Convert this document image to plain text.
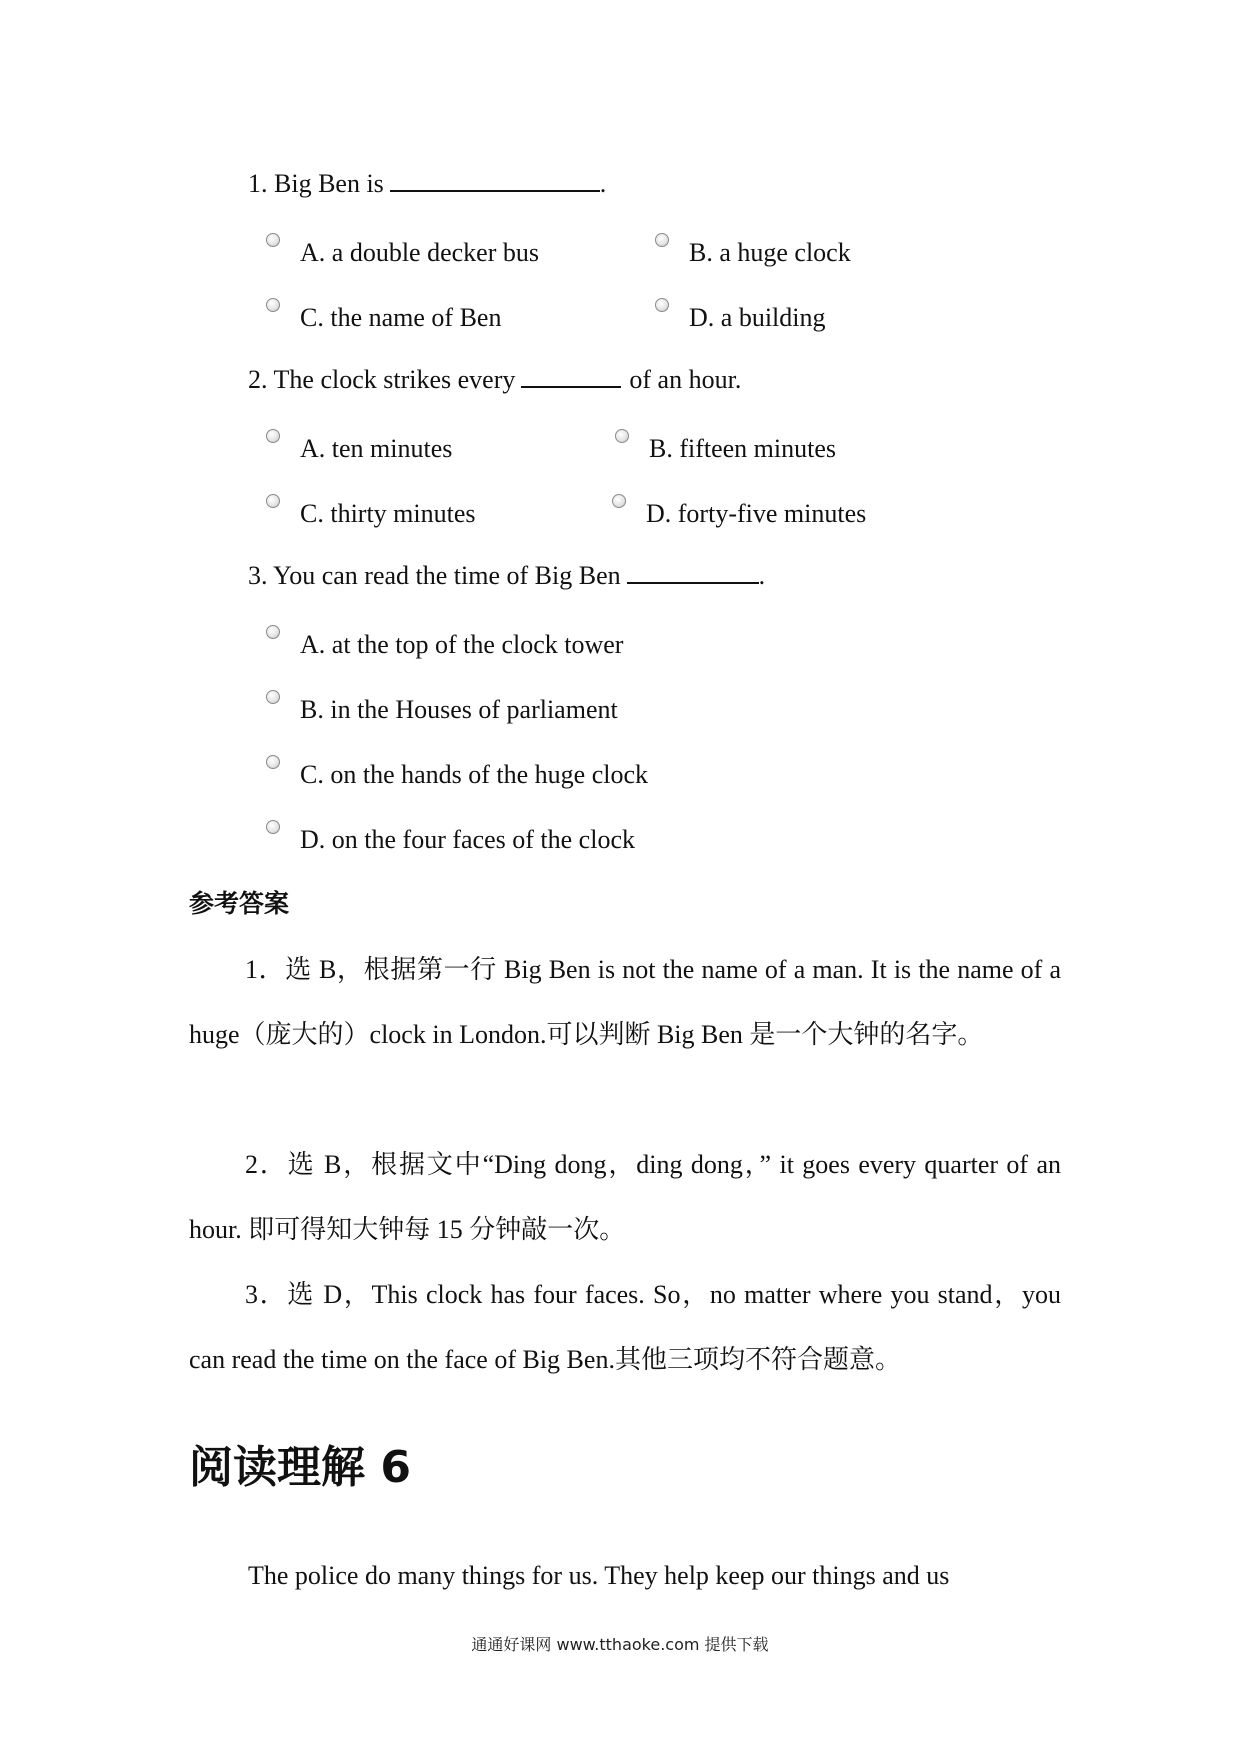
1. Big Ben is	.
A. a double decker bus	B. a huge clock
C. the name of Ben	D. a building
2. The clock strikes every	of an hour.
A. ten minutes	B. fifteen minutes
C. thirty minutes	D. forty-five minutes
3. You can read the time of Big Ben	.
A. at the top of the clock tower
B. in the Houses of parliament
C. on the hands of the huge clock
D. on the four faces of the clock
参考答案
1．选 B，根据第一行 Big Ben is not the name of a man. It is the name of a huge（庞大的）clock in London.可以判断 Big Ben 是一个大钟的名字。
2．选 B，根据文中“Ding dong，ding dong，” it goes every quarter of an hour. 即可得知大钟每 15 分钟敲一次。
3．选 D，This clock has four faces. So，no matter where you stand，you can read the time on the face of Big Ben.其他三项均不符合题意。
阅读理解 6
The police do many things for us. They help keep our things and us
通通好课网 www.tthaoke.com 提供下载
